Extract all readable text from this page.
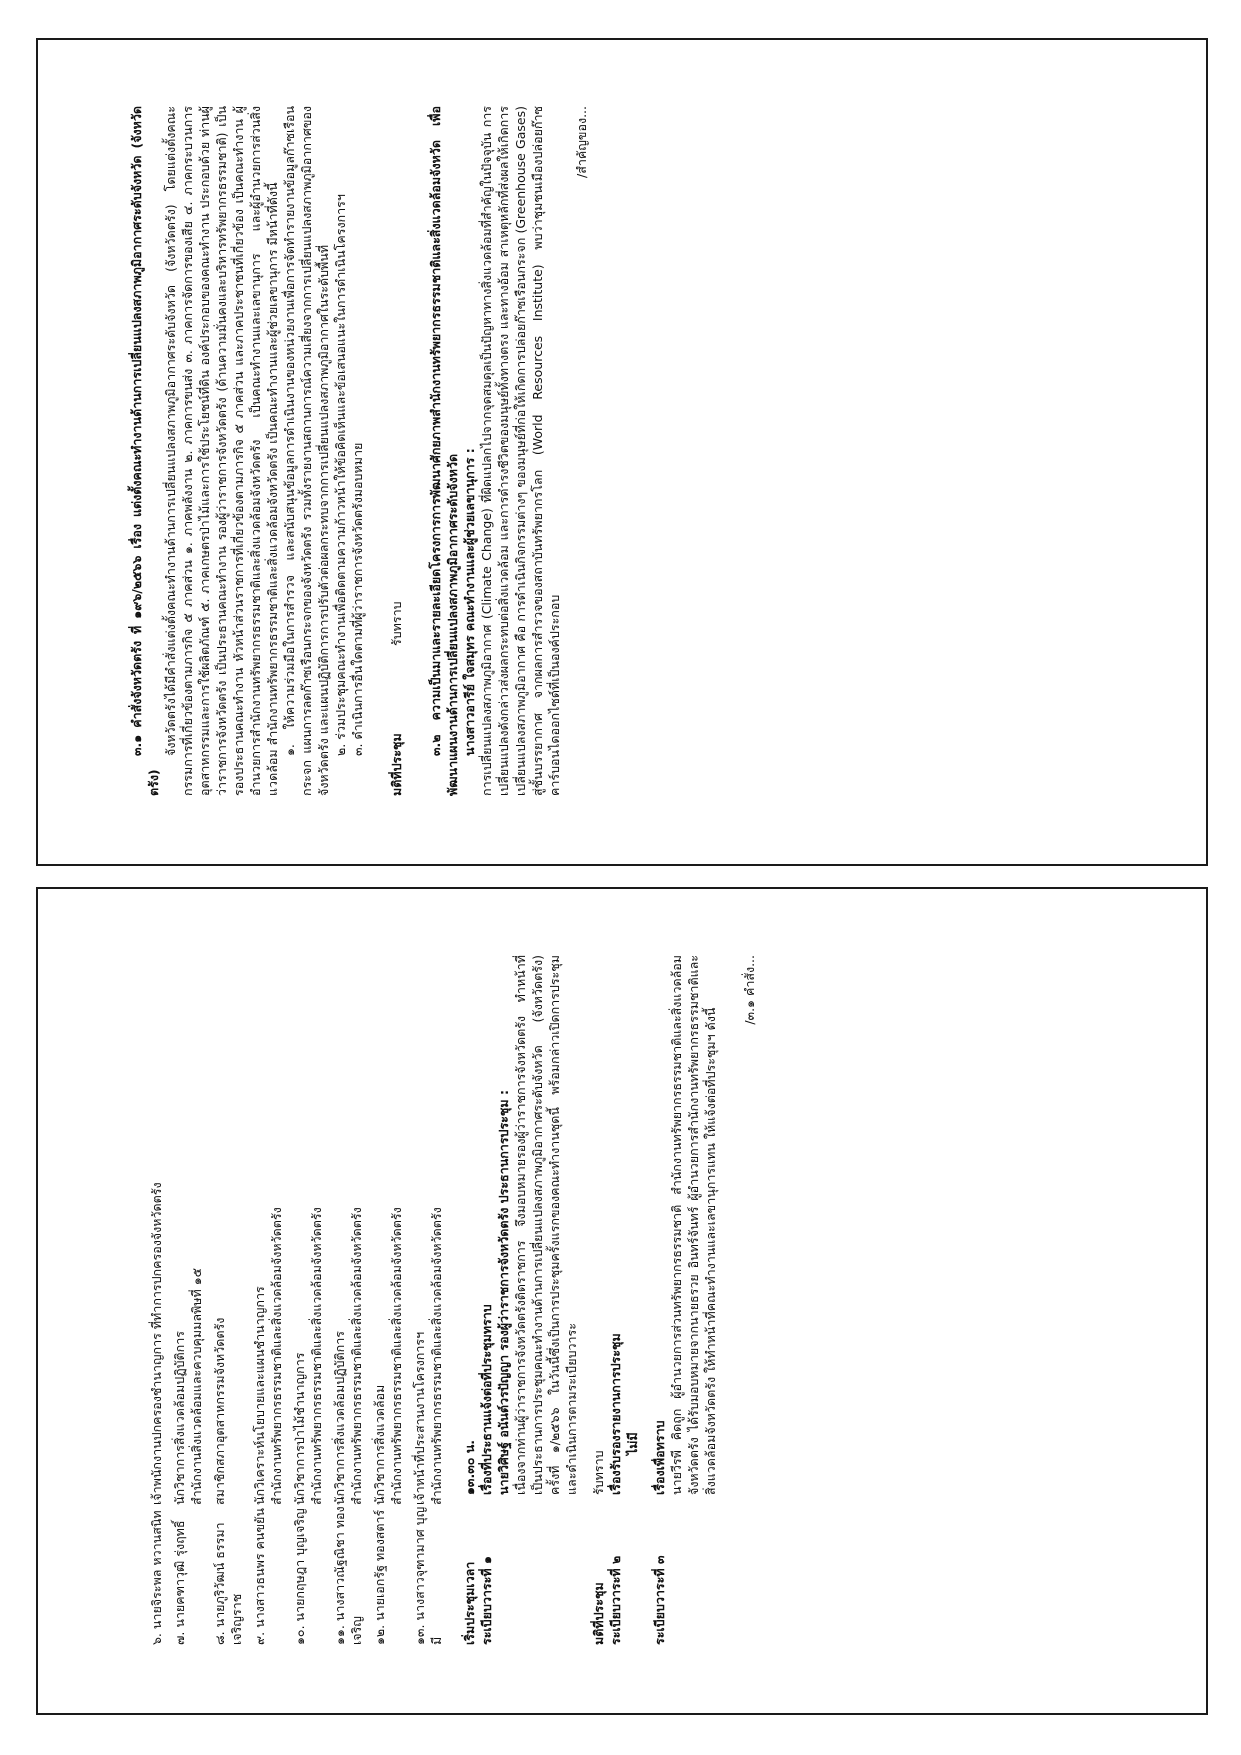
๓.๑ คำสั่งจังหวัดตรัง ที่ ๑๙๖/๒๕๖๖ เรื่อง แต่งตั้งคณะทำงานด้านการเปลี่ยนแปลงสภาพภูมิอากาศระดับจังหวัด (จังหวัดตรัง)

จังหวัดตรังได้มีคำสั่งแต่งตั้งคณะทำงานด้านการเปลี่ยนแปลงสภาพภูมิอากาศระดับจังหวัด (จังหวัดตรัง) โดยแต่งตั้งคณะกรรมการที่เกี่ยวข้องตามภารกิจ ๕ ภาคส่วน ๑. ภาคพลังงาน ๒. ภาคการขนส่ง ๓. ภาคการจัดการของเสีย ๔. ภาคกระบวนการอุตสาหกรรมและการใช้ผลิตภัณฑ์ ๕. ภาคเกษตรป่าไม้และการใช้ประโยชน์ที่ดิน องค์ประกอบของคณะทำงาน ประกอบด้วย ท่านผู้ว่าราชการจังหวัดตรัง เป็นประธานคณะทำงาน รองผู้ว่าราชการจังหวัดตรัง (ด้านความมั่นคงและบริหารทรัพยากรธรรมชาติ) เป็นรองประธานคณะทำงาน หัวหน้าส่วนราชการที่เกี่ยวข้องตามภารกิจ ๕ ภาคส่วน และภาคประชาชนที่เกี่ยวข้อง เป็นคณะทำงาน ผู้อำนวยการสำนักงานทรัพยากรธรรมชาติและสิ่งแวดล้อมจังหวัดตรัง เป็นคณะทำงานและเลขานุการ และผู้อำนวยการส่วนสิ่งแวดล้อม สำนักงานทรัพยากรธรรมชาติและสิ่งแวดล้อมจังหวัดตรัง เป็นคณะทำงานและผู้ช่วยเลขานุการ มีหน้าที่ดังนี้ ๑. ให้ความร่วมมือในการสำรวจ และสนับสนุนข้อมูลการดำเนินงานของหน่วยงานเพื่อการจัดทำรายงานข้อมูลก๊าซเรือนกระจก แผนการลดก๊าซเรือนกระจกของจังหวัดตรัง รวมทั้งรายงานสถานการณ์ความเสี่ยงจากการเปลี่ยนแปลงสภาพภูมิอากาศของจังหวัดตรัง และแผนปฏิบัติการการปรับตัวต่อผลกระทบจากการเปลี่ยนแปลงสภาพภูมิอากาศในระดับพื้นที่ ๒. ร่วมประชุมคณะทำงานเพื่อติดตามความก้าวหน้าให้ข้อคิดเห็นและข้อเสนอแนะในการดำเนินโครงการฯ ๓. ดำเนินการอื่นใดตามที่ผู้ว่าราชการจังหวัดตรังมอบหมาย

มติที่ประชุม
รับทราบ ๓.๒ ความเป็นมาและรายละเอียดโครงการการพัฒนาศักยภาพสำนักงานทรัพยากรธรรมชาติและสิ่งแวดล้อมจังหวัด เพื่อพัฒนาแผนงานด้านการเปลี่ยนแปลงสภาพภูมิอากาศระดับจังหวัด นางสาวอารีย์ ใจสมุทร คณะทำงานและผู้ช่วยเลขานุการ : การเปลี่ยนแปลงสภาพภูมิอากาศ (Climate Change) ที่ผิดแปลกไปจากจุดสมดุลเป็นปัญหาทางสิ่งแวดล้อมที่สำคัญในปัจจุบัน การเปลี่ยนแปลงดังกล่าวส่งผลกระทบต่อสิ่งแวดล้อม และการดำรงชีวิตของมนุษย์ทั้งทางตรง และทางอ้อม สาเหตุหลักที่ส่งผลให้เกิดการเปลี่ยนแปลงสภาพภูมิอากาศ คือ การดำเนินกิจกรรมต่างๆ ของมนุษย์ที่ก่อให้เกิดการปล่อยก๊าซเรือนกระจก (Greenhouse Gases) สู่ชั้นบรรยากาศ จากผลการสำรวจของสถาบันทรัพยากรโลก (World Resources Institute) พบว่าชุมชนเมืองปล่อยก๊าซคาร์บอนไดออกไซด์ที่เป็นองค์ประกอบ

/สำคัญของ...

๖. นายจิระพล หวานสนิท
เจ้าพนักงานปกครองชำนาญการ ที่ทำการปกครองจังหวัดตรัง
๗. นายคฑาวุฒิ รุ่งฤทธิ์
นักวิชาการสิ่งแวดล้อมปฏิบัติการ สำนักงานสิ่งแวดล้อมและควบคุมมลพิษที่ ๑๕
๘. นายภูริวัฒน์ ธรรมาเจริญราช
สมาชิกสภาอุตสาหกรรมจังหวัดตรัง
๙. นางสาวธนพร คนขยัน
นักวิเคราะห์นโยบายและแผนชำนาญการ สำนักงานทรัพยากรธรรมชาติและสิ่งแวดล้อมจังหวัดตรัง
๑๐. นายกฤษฎา บุญเจริญ
นักวิชาการป่าไม้ชำนาญการ สำนักงานทรัพยากรธรรมชาติและสิ่งแวดล้อมจังหวัดตรัง
๑๑. นางสาวณัฐณิชา ทองเจริญ
นักวิชาการสิ่งแวดล้อมปฏิบัติการ สำนักงานทรัพยากรธรรมชาติและสิ่งแวดล้อมจังหวัดตรัง
๑๒. นายเอกรัฐ ทองสตาร์
นักวิชาการสิ่งแวดล้อม สำนักงานทรัพยากรธรรมชาติและสิ่งแวดล้อมจังหวัดตรัง
๑๓. นางสาวจุฑามาศ บุญมี
เจ้าหน้าที่ประสานงานโครงการฯ สำนักงานทรัพยากรธรรมชาติและสิ่งแวดล้อมจังหวัดตรัง
เริ่มประชุมเวลา
๑๓.๓๐ น.
ระเบียบวาระที่ ๑

เรื่องที่ประธานแจ้งต่อที่ประชุมทราบ นายวิศิษฐ์ อนันต์วรปัญญา รองผู้ว่าราชการจังหวัดตรัง ประธานการประชุม : เนื่องจากท่านผู้ว่าราชการจังหวัดตรังติดราชการ จึงมอบหมายรองผู้ว่าราชการจังหวัดตรัง ทำหน้าที่เป็นประธานการประชุมคณะทำงานด้านการเปลี่ยนแปลงสภาพภูมิอากาศระดับจังหวัด (จังหวัดตรัง) ครั้งที่ ๑/๒๕๖๖ ในวันนี้ซึ่งเป็นการประชุมครั้งแรกของคณะทำงานชุดนี้ พร้อมกล่าวเปิดการประชุม และดำเนินการตามระเบียบวาระ

มติที่ประชุม
รับทราบ
ระเบียบวาระที่ ๒

เรื่องรับรองรายงานการประชุม ไม่มี

ระเบียบวาระที่ ๓

เรื่องเพื่อทราบ นายวีรพี คิดถูก ผู้อำนวยการส่วนทรัพยากรธรรมชาติ สำนักงานทรัพยากรธรรมชาติและสิ่งแวดล้อมจังหวัดตรัง ได้รับมอบหมายจากนายธรวย อินทร์จันทร์ ผู้อำนวยการสำนักงานทรัพยากรธรรมชาติและสิ่งแวดล้อมจังหวัดตรัง ให้ทำหน้าที่คณะทำงานและเลขานุการแทน ให้แจ้งต่อที่ประชุมฯ ดังนี้

/๓.๑ คำสั่ง...
